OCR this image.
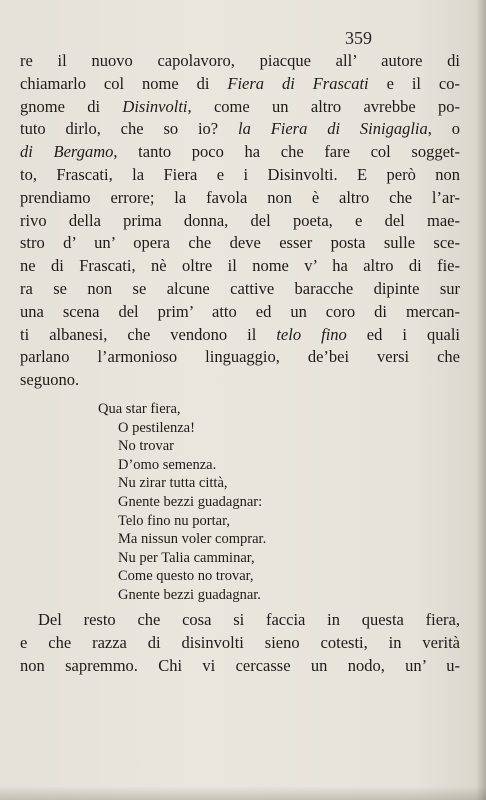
359
re il nuovo capolavoro, piacque all’ autore di
chiamarlo col nome di Fiera di Frascati e il co-
gnome di Disinvolti, come un altro avrebbe po-
tuto dirlo, che so io? la Fiera di Sinigaglia, o
di Bergamo, tanto poco ha che fare col sogget-
to, Frascati, la Fiera e i Disinvolti. E però non
prendiamo errore; la favola non è altro che l’ar-
rivo della prima donna, del poeta, e del mae-
stro d’ un’ opera che deve esser posta sulle sce-
ne di Frascati, nè oltre il nome v’ ha altro di fie-
ra se non se alcune cattive baracche dipinte sur
una scena del prim’ atto ed un coro di mercan-
ti albanesi, che vendono il telo fino ed i quali
parlano l’armonioso linguaggio, de’bei versi che
seguono.
Qua star fiera,
O pestilenza!
No trovar
D’omo semenza.
Nu zirar tutta città,
Gnente bezzi guadagnar:
Telo fino nu portar,
Ma nissun voler comprar.
Nu per Talia camminar,
Come questo no trovar,
Gnente bezzi guadagnar.
Del resto che cosa si faccia in questa fiera,
e che razza di disinvolti sieno cotesti, in verità
non sapremmo. Chi vi cercasse un nodo, un’ u-
